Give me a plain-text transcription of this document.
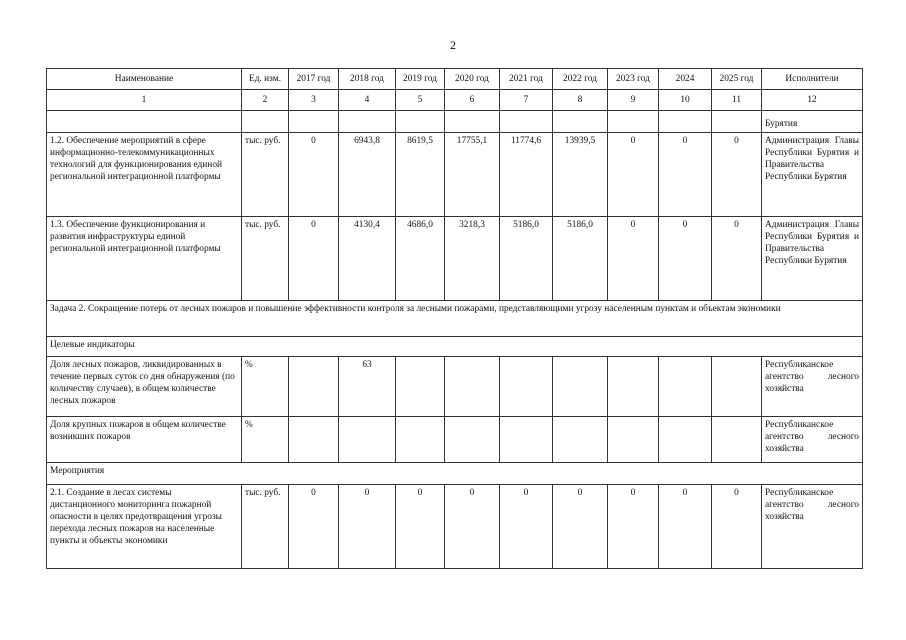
2
Наименование	Ед. изм.	2017 год	2018 год	2019 год	2020 год	2021 год	2022 год	2023 год	2024	2025 год	Исполнители
1	2	3	4	5	6	7	8	9	10	11	12
											Бурятия
1.2. Обеспечение мероприятий в сфере информационно-телекоммуникационных технологий для функционирования единой региональной интеграционной платформы	тыс. руб.	0	6943,8	8619,5	17755,1	11774,6	13939,5	0	0	0	Администрация Главы Республики Бурятия и Правительства Республики Бурятия
1.3. Обеспечение функционирования и развития инфраструктуры единой региональной интеграционной платформы	тыс. руб.	0	4130,4	4686,0	3218,3	5186,0	5186,0	0	0	0	Администрация Главы Республики Бурятия и Правительства Республики Бурятия
Задача 2. Сокращение потерь от лесных пожаров и повышение эффективности контроля за лесными пожарами, представляющими угрозу населенным пунктам и объектам экономики											
Целевые индикаторы											
Доля лесных пожаров, ликвидированных в течение первых суток со дня обнаружения (по количеству случаев), в общем количестве лесных пожаров	%		63								Республиканское агентство лесного хозяйства
Доля крупных пожаров в общем количестве возникших пожаров	%										Республиканское агентство лесного хозяйства
Мероприятия											
2.1. Создание в лесах системы дистанционного мониторинга пожарной опасности в целях предотвращения угрозы перехода лесных пожаров на населенные пункты и объекты экономики	тыс. руб.	0	0	0	0	0	0	0	0	0	Республиканское агентство лесного хозяйства
